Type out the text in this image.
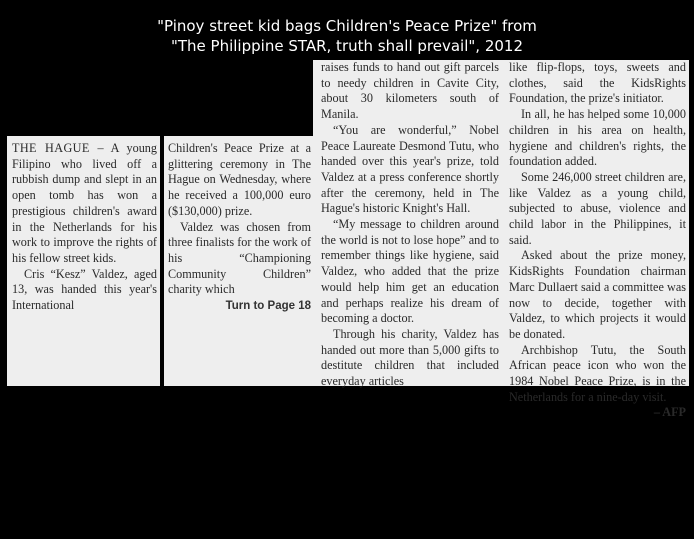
"Pinoy street kid bags Children's Peace Prize" from
"The Philippine STAR, truth shall prevail", 2012

THE HAGUE – A young Filipino who lived off a rubbish dump and slept in an open tomb has won a prestigious children's award in the Netherlands for his work to improve the rights of his fellow street kids.

Cris “Kesz” Valdez, aged 13, was handed this year's International

Children's Peace Prize at a glittering ceremony in The Hague on Wednesday, where he received a 100,000 euro ($130,000) prize.

Valdez was chosen from three finalists for the work of his “Championing Community Children” charity which

Turn to Page 18

raises funds to hand out gift parcels to needy children in Cavite City, about 30 kilometers south of Manila.

“You are wonderful,” Nobel Peace Laureate Desmond Tutu, who handed over this year's prize, told Valdez at a press conference shortly after the ceremony, held in The Hague's historic Knight's Hall.

“My message to children around the world is not to lose hope” and to remember things like hygiene, said Valdez, who added that the prize would help him get an education and perhaps realize his dream of becoming a doctor.

Through his charity, Valdez has handed out more than 5,000 gifts to destitute children that included everyday articles

like flip-flops, toys, sweets and clothes, said the KidsRights Foundation, the prize's initiator.

In all, he has helped some 10,000 children in his area on health, hygiene and children's rights, the foundation added.

Some 246,000 street children are, like Valdez as a young child, subjected to abuse, violence and child labor in the Philippines, it said.

Asked about the prize money, KidsRights Foundation chairman Marc Dullaert said a committee was now to decide, together with Valdez, to which projects it would be donated.

Archbishop Tutu, the South African peace icon who won the 1984 Nobel Peace Prize, is in the Netherlands for a nine-day visit.

– AFP
